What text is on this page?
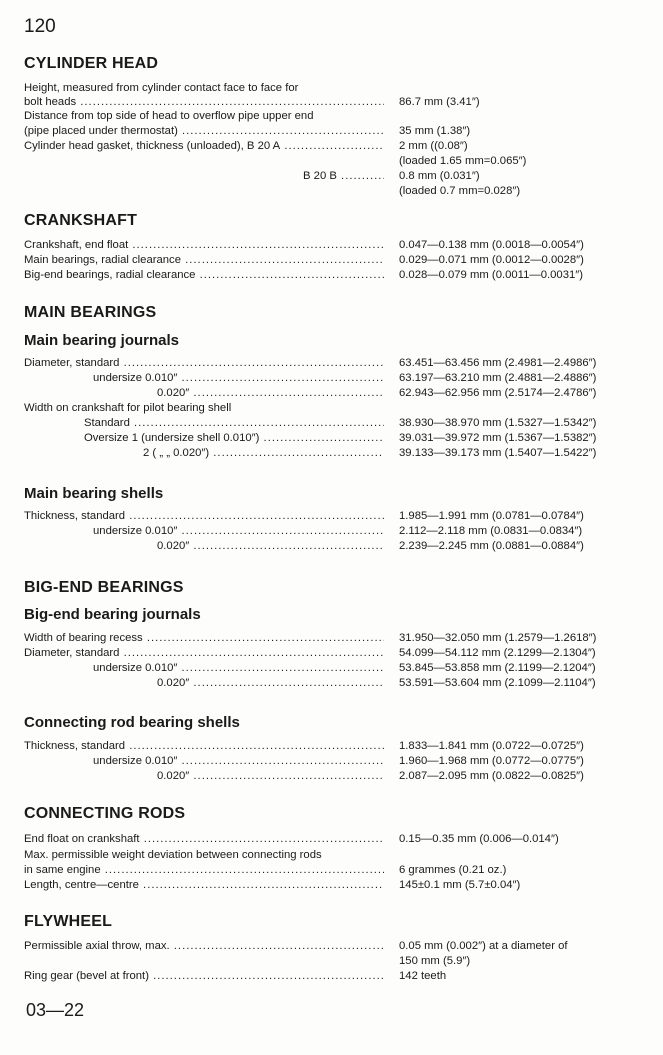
120
CYLINDER HEAD
Height, measured from cylinder contact face to face for
bolt heads .....	86.7 mm (3.41″)
Distance from top side of head to overflow pipe upper end
(pipe placed under thermostat) .....	35 mm (1.38″)
Cylinder head gasket, thickness (unloaded), B 20 A .....	2 mm ((0.08″)
(loaded 1.65 mm=0.065″)
B 20 B .....	0.8 mm (0.031″)
(loaded 0.7 mm=0.028″)
CRANKSHAFT
Crankshaft, end float .....	0.047—0.138 mm (0.0018—0.0054″)
Main bearings, radial clearance .....	0.029—0.071 mm (0.0012—0.0028″)
Big-end bearings, radial clearance .....	0.028—0.079 mm (0.0011—0.0031″)
MAIN BEARINGS
Main bearing journals
Diameter, standard .....	63.451—63.456 mm (2.4981—2.4986″)
undersize 0.010″ .....	63.197—63.210 mm (2.4881—2.4886″)
0.020″ .....	62.943—62.956 mm (2.5174—2.4786″)
Width on crankshaft for pilot bearing shell
Standard .....	38.930—38.970 mm (1.5327—1.5342″)
Oversize 1 (undersize shell 0.010″) .....	39.031—39.972 mm (1.5367—1.5382″)
2 ( „ „ 0.020″) .....	39.133—39.173 mm (1.5407—1.5422″)
Main bearing shells
Thickness, standard .....	1.985—1.991 mm (0.0781—0.0784″)
undersize 0.010″ .....	2.112—2.118 mm (0.0831—0.0834″)
0.020″ .....	2.239—2.245 mm (0.0881—0.0884″)
BIG-END BEARINGS
Big-end bearing journals
Width of bearing recess .....	31.950—32.050 mm (1.2579—1.2618″)
Diameter, standard .....	54.099—54.112 mm (2.1299—2.1304″)
undersize 0.010″ .....	53.845—53.858 mm (2.1199—2.1204″)
0.020″ .....	53.591—53.604 mm (2.1099—2.1104″)
Connecting rod bearing shells
Thickness, standard .....	1.833—1.841 mm (0.0722—0.0725″)
undersize 0.010″ .....	1.960—1.968 mm (0.0772—0.0775″)
0.020″ .....	2.087—2.095 mm (0.0822—0.0825″)
CONNECTING RODS
End float on crankshaft .....	0.15—0.35 mm (0.006—0.014″)
Max. permissible weight deviation between connecting rods
in same engine .....	6 grammes (0.21 oz.)
Length, centre—centre .....	145±0.1 mm (5.7±0.04″)
FLYWHEEL
Permissible axial throw, max. .....	0.05 mm (0.002″) at a diameter of
150 mm (5.9″)
Ring gear (bevel at front) .....	142 teeth
03—22
